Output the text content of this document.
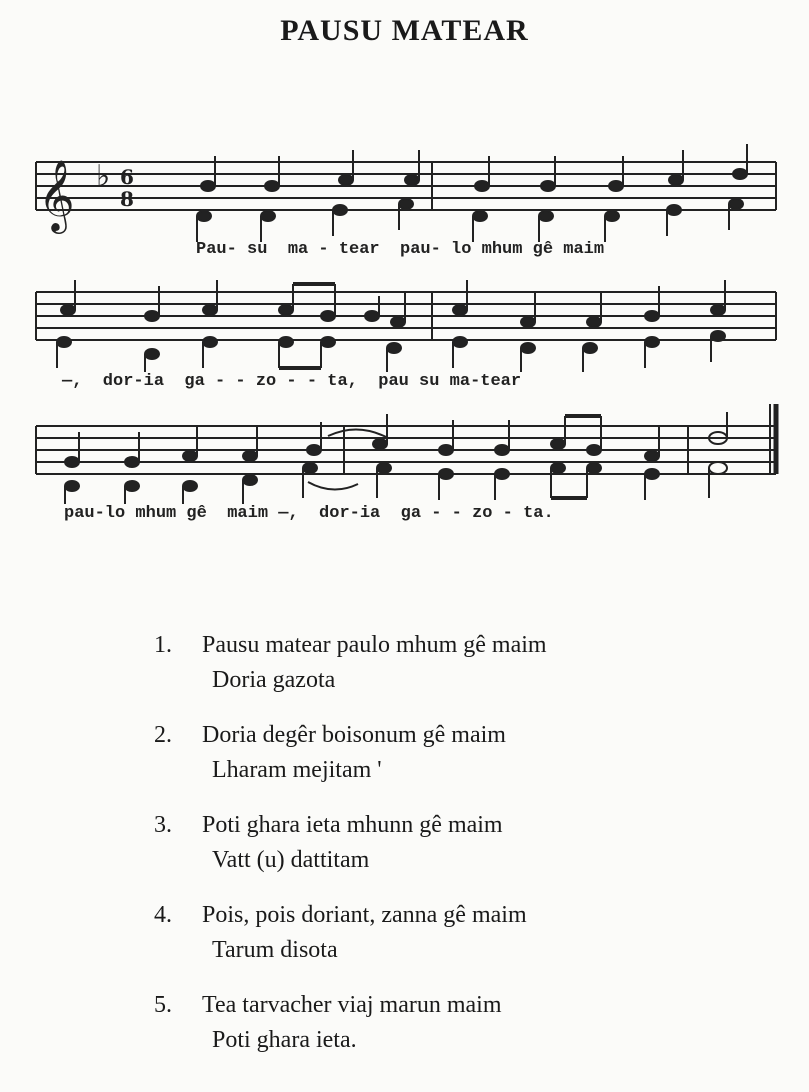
PAUSU MATEAR
𝄞 ♭ 6
8
Pau- su  ma - tear  pau- lo mhum gê maim
—,  dor-ia  ga - - zo - - ta,  pau su ma-tear
pau-lo mhum gê  maim —,  dor-ia  ga - - zo - ta.
1. Pausu matear paulo mhum gê maim
Doria gazota
2. Doria degêr boisonum gê maim
Lharam mejitam '
3. Poti ghara ieta mhunn gê maim
Vatt (u) dattitam
4. Pois, pois doriant, zanna gê maim
Tarum disota
5. Tea tarvacher viaj marun maim
Poti ghara ieta.
